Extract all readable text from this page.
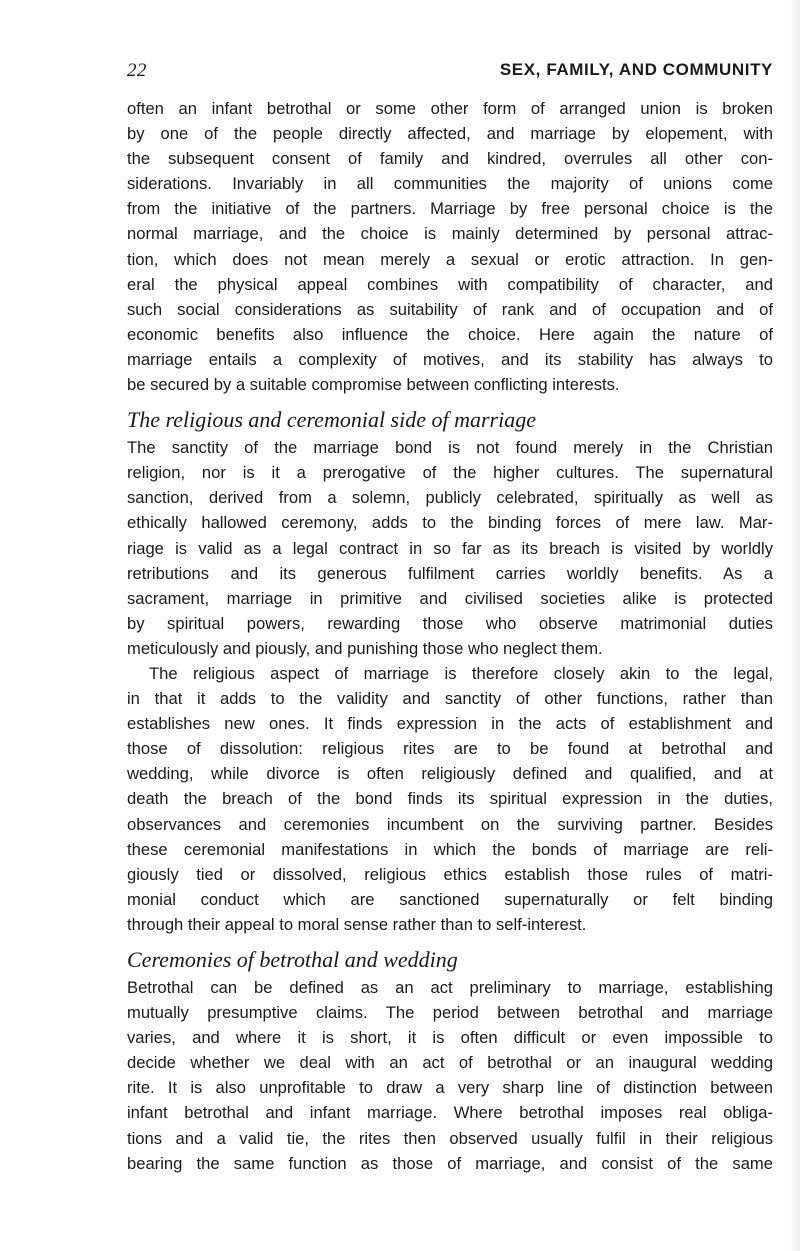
22	SEX, FAMILY, AND COMMUNITY

often an infant betrothal or some other form of arranged union is broken

by one of the people directly affected, and marriage by elopement, with

the subsequent consent of family and kindred, overrules all other con-

siderations. Invariably in all communities the majority of unions come

from the initiative of the partners. Marriage by free personal choice is the

normal marriage, and the choice is mainly determined by personal attrac-

tion, which does not mean merely a sexual or erotic attraction. In gen-

eral the physical appeal combines with compatibility of character, and

such social considerations as suitability of rank and of occupation and of

economic benefits also influence the choice. Here again the nature of

marriage entails a complexity of motives, and its stability has always to

be secured by a suitable compromise between conflicting interests.

The religious and ceremonial side of marriage

The sanctity of the marriage bond is not found merely in the Christian

religion, nor is it a prerogative of the higher cultures. The supernatural

sanction, derived from a solemn, publicly celebrated, spiritually as well as

ethically hallowed ceremony, adds to the binding forces of mere law. Mar-

riage is valid as a legal contract in so far as its breach is visited by worldly

retributions and its generous fulfilment carries worldly benefits. As a

sacrament, marriage in primitive and civilised societies alike is protected

by spiritual powers, rewarding those who observe matrimonial duties

meticulously and piously, and punishing those who neglect them.

The religious aspect of marriage is therefore closely akin to the legal,

in that it adds to the validity and sanctity of other functions, rather than

establishes new ones. It finds expression in the acts of establishment and

those of dissolution: religious rites are to be found at betrothal and

wedding, while divorce is often religiously defined and qualified, and at

death the breach of the bond finds its spiritual expression in the duties,

observances and ceremonies incumbent on the surviving partner. Besides

these ceremonial manifestations in which the bonds of marriage are reli-

giously tied or dissolved, religious ethics establish those rules of matri-

monial conduct which are sanctioned supernaturally or felt binding

through their appeal to moral sense rather than to self-interest.

Ceremonies of betrothal and wedding

Betrothal can be defined as an act preliminary to marriage, establishing

mutually presumptive claims. The period between betrothal and marriage

varies, and where it is short, it is often difficult or even impossible to

decide whether we deal with an act of betrothal or an inaugural wedding

rite. It is also unprofitable to draw a very sharp line of distinction between

infant betrothal and infant marriage. Where betrothal imposes real obliga-

tions and a valid tie, the rites then observed usually fulfil in their religious

bearing the same function as those of marriage, and consist of the same
